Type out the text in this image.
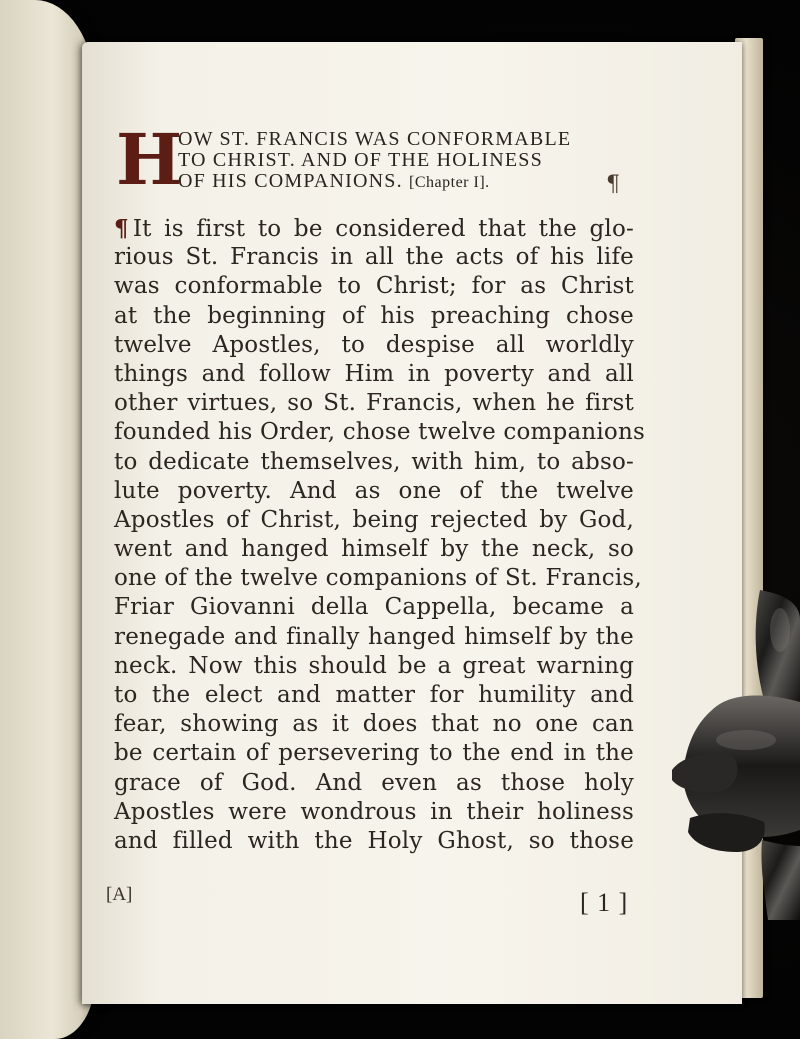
H
OW ST. FRANCIS WAS CONFORMABLE
TO CHRIST. AND OF THE HOLINESS
OF HIS COMPANIONS. [Chapter I].	¶
¶ It is first to be considered that the glo-
rious St. Francis in all the acts of his life
was conformable to Christ; for as Christ
at the beginning of his preaching chose
twelve Apostles, to despise all worldly
things and follow Him in poverty and all
other virtues, so St. Francis, when he first
founded his Order, chose twelve companions
to dedicate themselves, with him, to abso-
lute poverty. And as one of the twelve
Apostles of Christ, being rejected by God,
went and hanged himself by the neck, so
one of the twelve companions of St. Francis,
Friar Giovanni della Cappella, became a
renegade and finally hanged himself by the
neck. Now this should be a great warning
to the elect and matter for humility and
fear, showing as it does that no one can
be certain of persevering to the end in the
grace of God. And even as those holy
Apostles were wondrous in their holiness
and filled with the Holy Ghost, so those
[A]	[ 1 ]
